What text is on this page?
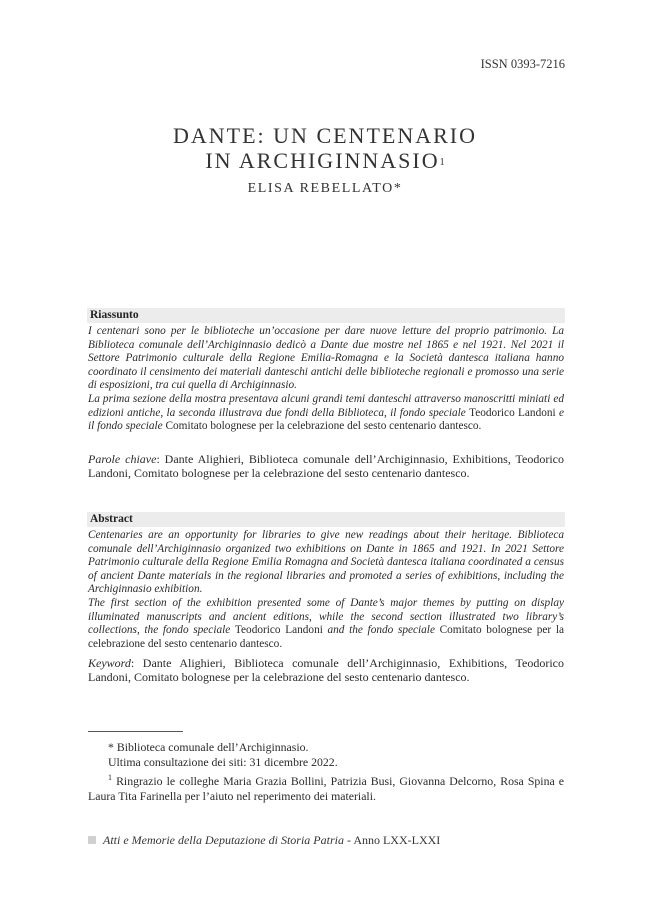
ISSN 0393-7216
DANTE: UN CENTENARIO
IN ARCHIGINNASIO$^1$
ELISA REBELLATO*
Riassunto
I centenari sono per le biblioteche un’occasione per dare nuove letture del proprio patrimonio. La Biblioteca comunale dell’Archiginnasio dedicò a Dante due mostre nel 1865 e nel 1921. Nel 2021 il Settore Patrimonio culturale della Regione Emilia-Romagna e la Società dantesca italiana hanno coordinato il censimento dei materiali danteschi antichi delle biblioteche regionali e promosso una serie di esposizioni, tra cui quella di Archiginnasio.
La prima sezione della mostra presentava alcuni grandi temi danteschi attraverso manoscritti miniati ed edizioni antiche, la seconda illustrava due fondi della Biblioteca, il fondo speciale Teodorico Landoni e il fondo speciale Comitato bolognese per la celebrazione del sesto centenario dantesco.
Parole chiave: Dante Alighieri, Biblioteca comunale dell’Archiginnasio, Exhibitions, Teodorico Landoni, Comitato bolognese per la celebrazione del sesto centenario dantesco.
Abstract
Centenaries are an opportunity for libraries to give new readings about their heritage. Biblioteca comunale dell’Archiginnasio organized two exhibitions on Dante in 1865 and 1921. In 2021 Settore Patrimonio culturale della Regione Emilia Romagna and Società dantesca italiana coordinated a census of ancient Dante materials in the regional libraries and promoted a series of exhibitions, including the Archiginnasio exhibition.
The first section of the exhibition presented some of Dante’s major themes by putting on display illuminated manuscripts and ancient editions, while the second section illustrated two library’s collections, the fondo speciale Teodorico Landoni and the fondo speciale Comitato bolognese per la celebrazione del sesto centenario dantesco.
Keyword: Dante Alighieri, Biblioteca comunale dell’Archiginnasio, Exhibitions, Teodorico Landoni, Comitato bolognese per la celebrazione del sesto centenario dantesco.
* Biblioteca comunale dell’Archiginnasio.
Ultima consultazione dei siti: 31 dicembre 2022.
$^1$ Ringrazio le colleghe Maria Grazia Bollini, Patrizia Busi, Giovanna Delcorno, Rosa Spina e Laura Tita Farinella per l’aiuto nel reperimento dei materiali.
Atti e Memorie della Deputazione di Storia Patria - Anno LXX-LXXI
